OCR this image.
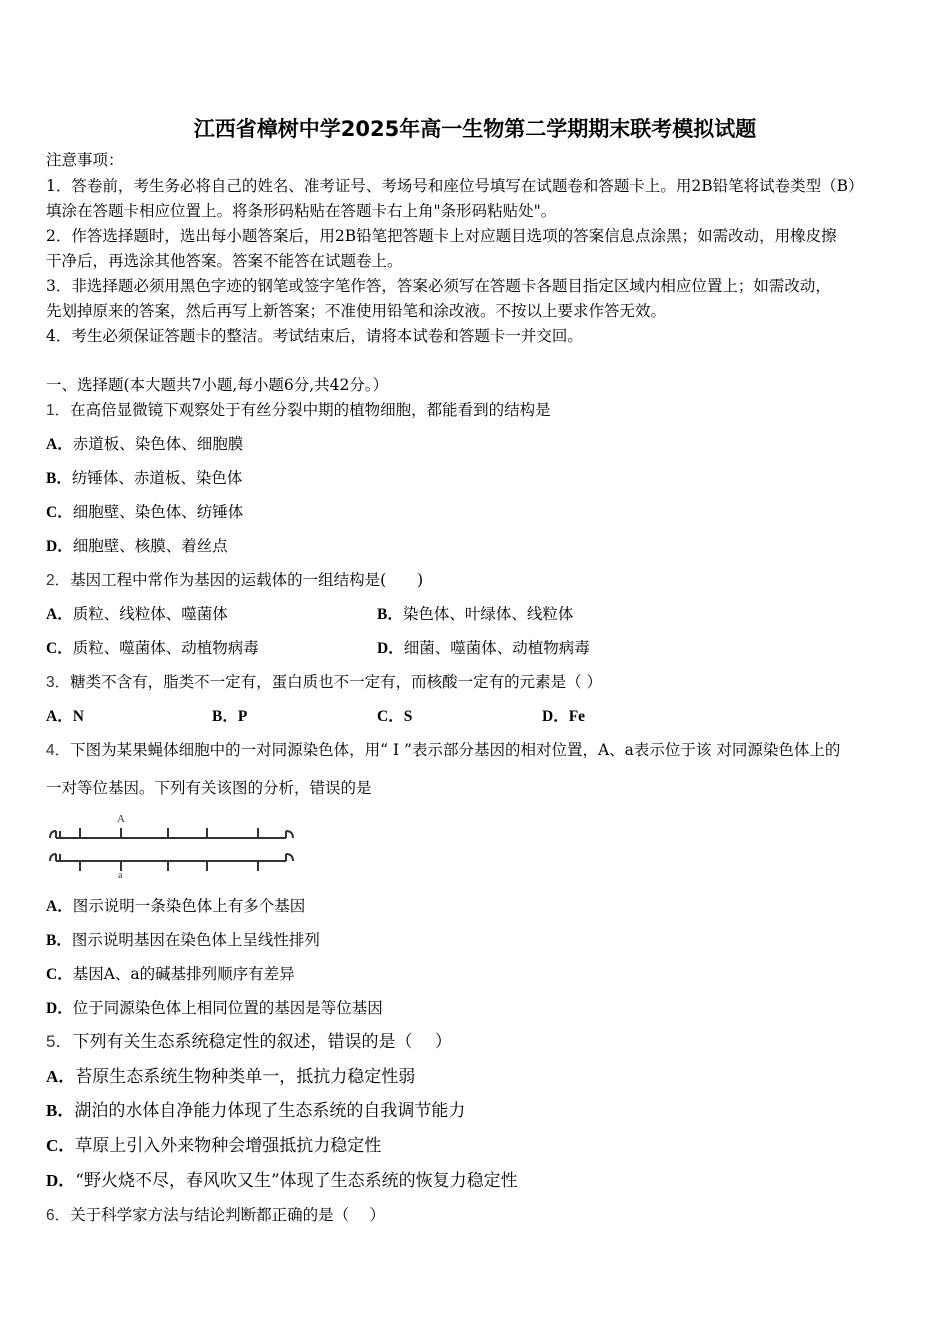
江西省樟树中学2025年高一生物第二学期期末联考模拟试题
注意事项：
1．答卷前，考生务必将自己的姓名、准考证号、考场号和座位号填写在试题卷和答题卡上。用2B铅笔将试卷类型（B）
填涂在答题卡相应位置上。将条形码粘贴在答题卡右上角"条形码粘贴处"。
2．作答选择题时，选出每小题答案后，用2B铅笔把答题卡上对应题目选项的答案信息点涂黑；如需改动，用橡皮擦
干净后，再选涂其他答案。答案不能答在试题卷上。
3．非选择题必须用黑色字迹的钢笔或签字笔作答，答案必须写在答题卡各题目指定区域内相应位置上；如需改动，
先划掉原来的答案，然后再写上新答案；不准使用铅笔和涂改液。不按以上要求作答无效。
4．考生必须保证答题卡的整洁。考试结束后，请将本试卷和答题卡一并交回。
一、选择题(本大题共7小题,每小题6分,共42分。）
1．在高倍显微镜下观察处于有丝分裂中期的植物细胞，都能看到的结构是
A．赤道板、染色体、细胞膜
B．纺锤体、赤道板、染色体
C．细胞壁、染色体、纺锤体
D．细胞壁、核膜、着丝点
2．基因工程中常作为基因的运载体的一组结构是(　　)
A．质粒、线粒体、噬菌体	B．染色体、叶绿体、线粒体
C．质粒、噬菌体、动植物病毒	D．细菌、噬菌体、动植物病毒
3．糖类不含有，脂类不一定有，蛋白质也不一定有，而核酸一定有的元素是（ ）
A．N	B．P	C．S	D．Fe
4．下图为某果蝇体细胞中的一对同源染色体，用“ I ”表示部分基因的相对位置，A、a表示位于该 对同源染色体上的
一对等位基因。下列有关该图的分析，错误的是
A
a
A．图示说明一条染色体上有多个基因
B．图示说明基因在染色体上呈线性排列
C．基因A、a的碱基排列顺序有差异
D．位于同源染色体上相同位置的基因是等位基因
5．下列有关生态系统稳定性的叙述，错误的是（　 ）
A．苔原生态系统生物种类单一，抵抗力稳定性弱
B．湖泊的水体自净能力体现了生态系统的自我调节能力
C．草原上引入外来物种会增强抵抗力稳定性
D．“野火烧不尽，春风吹又生”体现了生态系统的恢复力稳定性
6．关于科学家方法与结论判断都正确的是（　 ）
